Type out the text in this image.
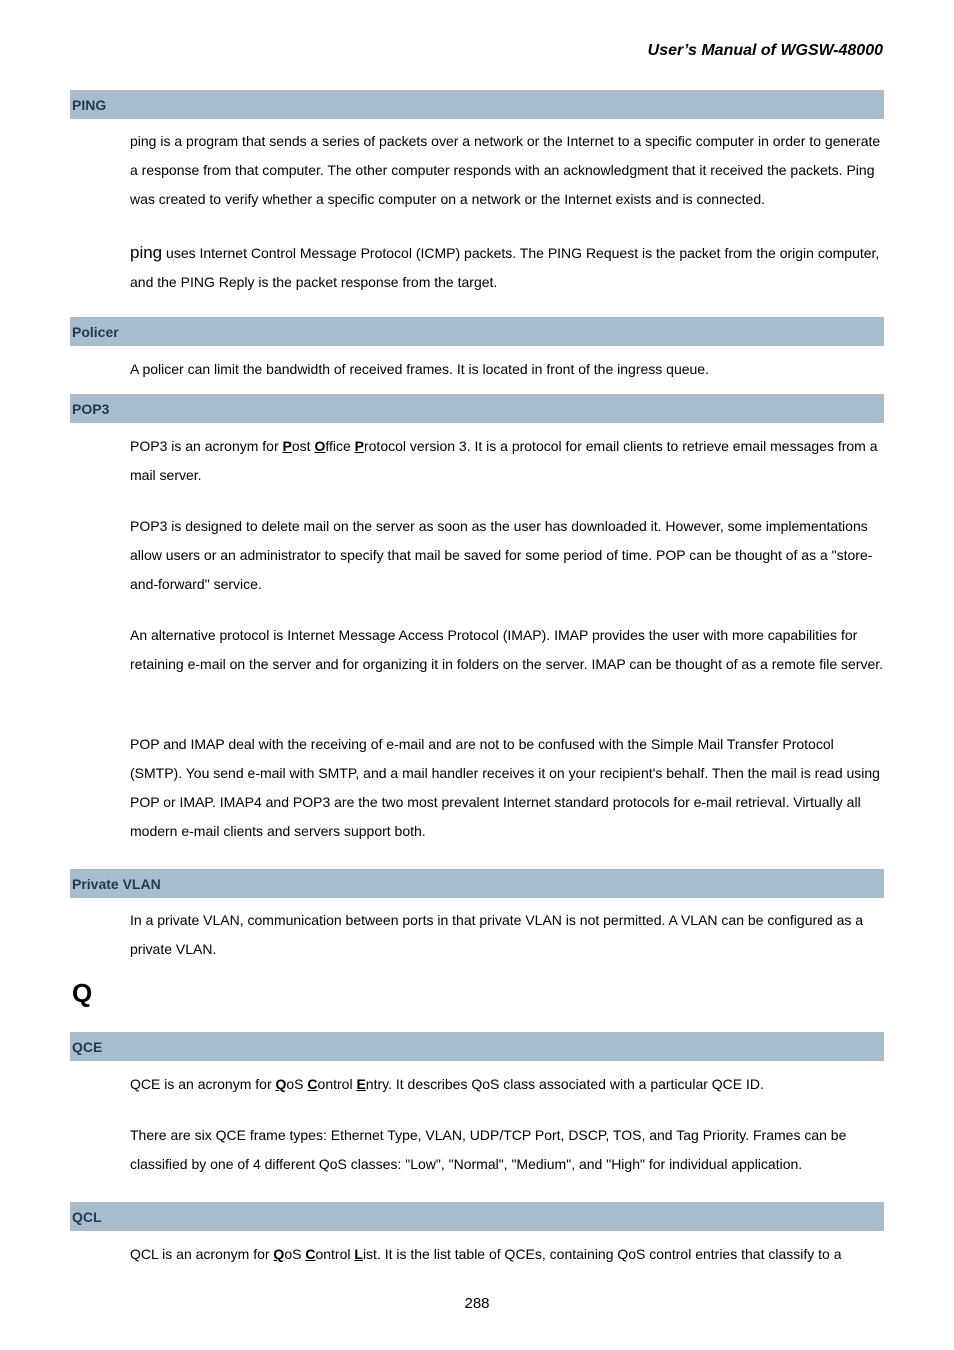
User’s Manual of WGSW-48000
PING
ping is a program that sends a series of packets over a network or the Internet to a specific computer in order to generate a response from that computer. The other computer responds with an acknowledgment that it received the packets. Ping was created to verify whether a specific computer on a network or the Internet exists and is connected.
ping uses Internet Control Message Protocol (ICMP) packets. The PING Request is the packet from the origin computer, and the PING Reply is the packet response from the target.
Policer
A policer can limit the bandwidth of received frames. It is located in front of the ingress queue.
POP3
POP3 is an acronym for Post Office Protocol version 3. It is a protocol for email clients to retrieve email messages from a mail server.
POP3 is designed to delete mail on the server as soon as the user has downloaded it. However, some implementations allow users or an administrator to specify that mail be saved for some period of time. POP can be thought of as a "store-and-forward" service.
An alternative protocol is Internet Message Access Protocol (IMAP). IMAP provides the user with more capabilities for retaining e-mail on the server and for organizing it in folders on the server. IMAP can be thought of as a remote file server.
POP and IMAP deal with the receiving of e-mail and are not to be confused with the Simple Mail Transfer Protocol (SMTP). You send e-mail with SMTP, and a mail handler receives it on your recipient's behalf. Then the mail is read using POP or IMAP. IMAP4 and POP3 are the two most prevalent Internet standard protocols for e-mail retrieval. Virtually all modern e-mail clients and servers support both.
Private VLAN
In a private VLAN, communication between ports in that private VLAN is not permitted. A VLAN can be configured as a private VLAN.
Q
QCE
QCE is an acronym for QoS Control Entry. It describes QoS class associated with a particular QCE ID.
There are six QCE frame types: Ethernet Type, VLAN, UDP/TCP Port, DSCP, TOS, and Tag Priority. Frames can be classified by one of 4 different QoS classes: "Low", "Normal", "Medium", and "High" for individual application.
QCL
QCL is an acronym for QoS Control List. It is the list table of QCEs, containing QoS control entries that classify to a
288
